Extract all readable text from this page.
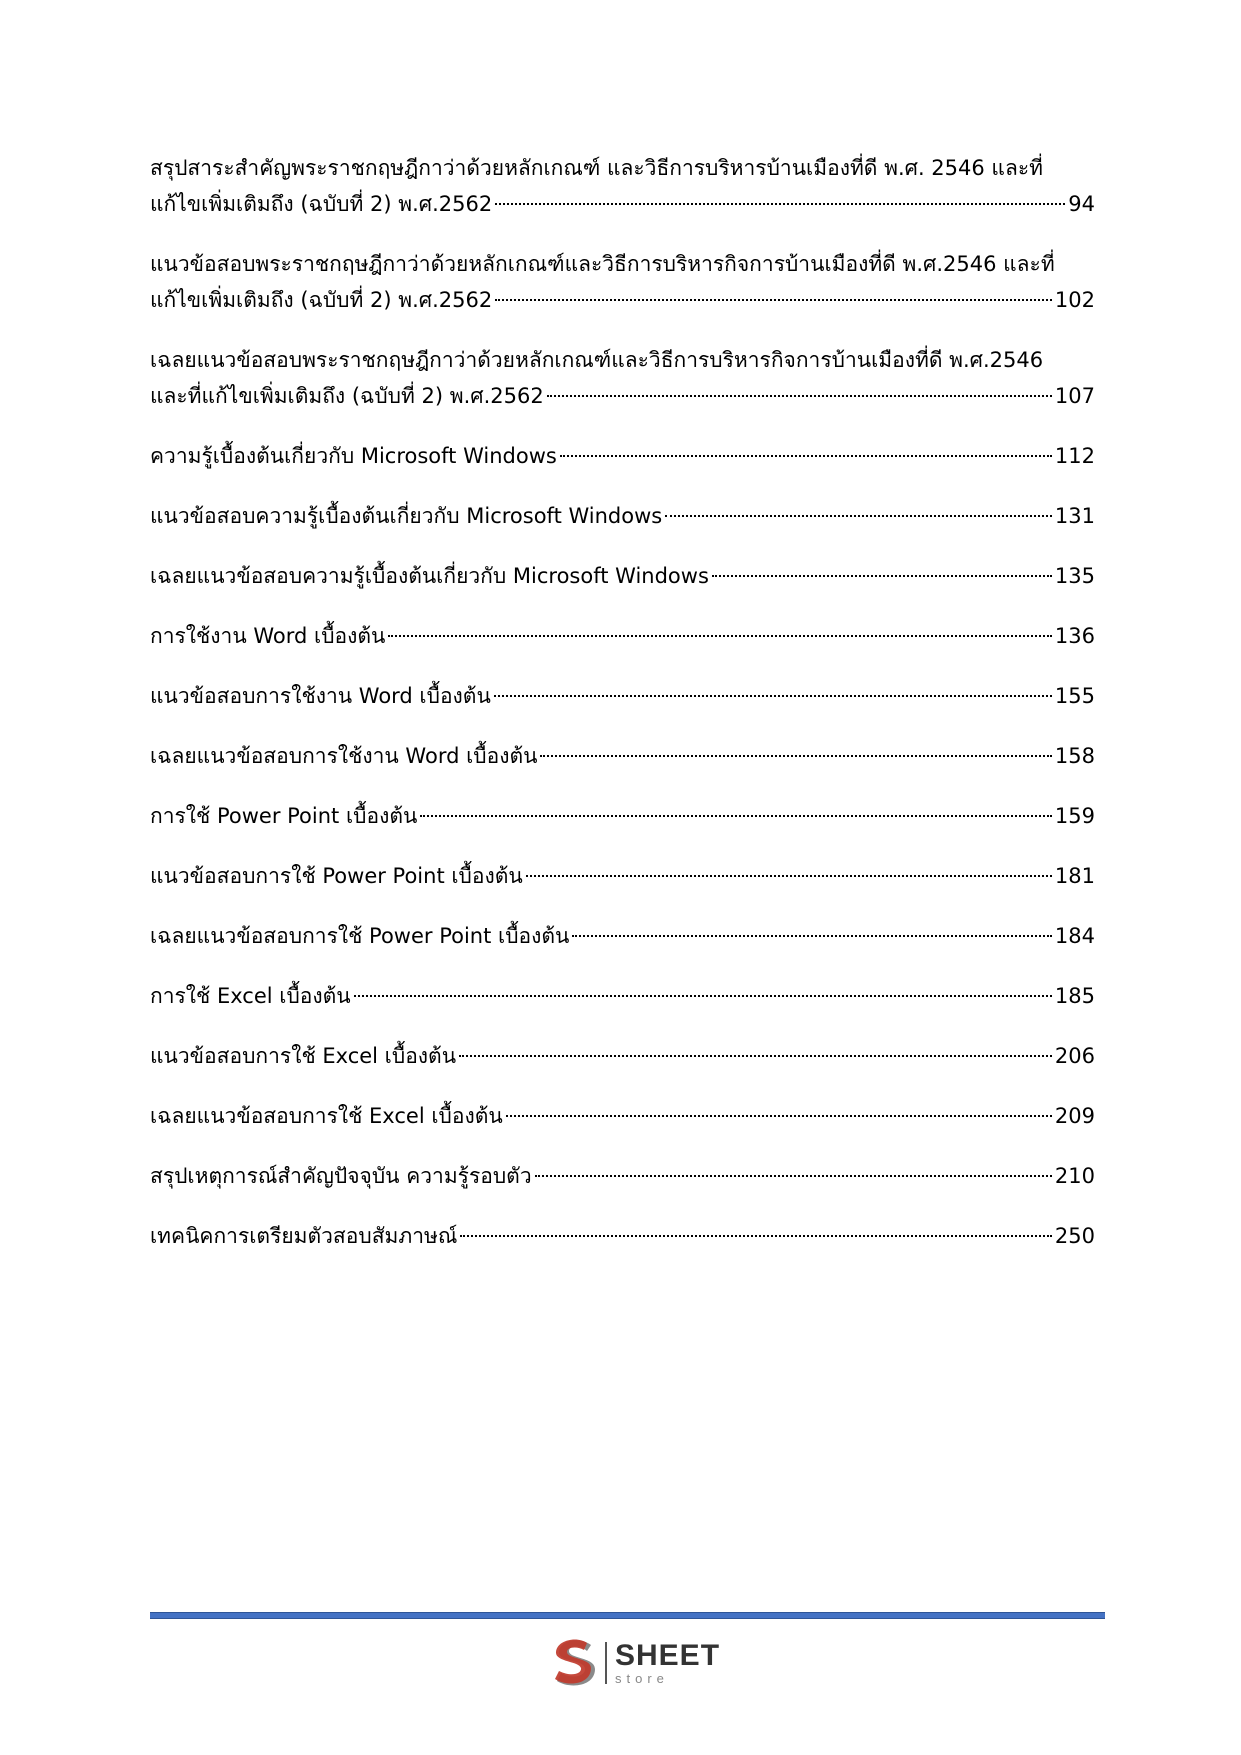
สรุปสาระสำคัญพระราชกฤษฎีกาว่าด้วยหลักเกณฑ์ และวิธีการบริหารบ้านเมืองที่ดี พ.ศ. 2546 และที่
แก้ไขเพิ่มเติมถึง (ฉบับที่ 2) พ.ศ.2562	94
แนวข้อสอบพระราชกฤษฎีกาว่าด้วยหลักเกณฑ์และวิธีการบริหารกิจการบ้านเมืองที่ดี พ.ศ.2546 และที่
แก้ไขเพิ่มเติมถึง (ฉบับที่ 2) พ.ศ.2562	102
เฉลยแนวข้อสอบพระราชกฤษฎีกาว่าด้วยหลักเกณฑ์และวิธีการบริหารกิจการบ้านเมืองที่ดี พ.ศ.2546
และที่แก้ไขเพิ่มเติมถึง (ฉบับที่ 2) พ.ศ.2562	107
ความรู้เบื้องต้นเกี่ยวกับ Microsoft Windows	112
แนวข้อสอบความรู้เบื้องต้นเกี่ยวกับ Microsoft Windows	131
เฉลยแนวข้อสอบความรู้เบื้องต้นเกี่ยวกับ Microsoft Windows	135
การใช้งาน Word เบื้องต้น	136
แนวข้อสอบการใช้งาน Word เบื้องต้น	155
เฉลยแนวข้อสอบการใช้งาน Word เบื้องต้น	158
การใช้ Power Point เบื้องต้น	159
แนวข้อสอบการใช้ Power Point เบื้องต้น	181
เฉลยแนวข้อสอบการใช้ Power Point เบื้องต้น	184
การใช้ Excel เบื้องต้น	185
แนวข้อสอบการใช้ Excel เบื้องต้น	206
เฉลยแนวข้อสอบการใช้ Excel เบื้องต้น	209
สรุปเหตุการณ์สำคัญปัจจุบัน ความรู้รอบตัว	210
เทคนิคการเตรียมตัวสอบสัมภาษณ์	250
SHEET
store
